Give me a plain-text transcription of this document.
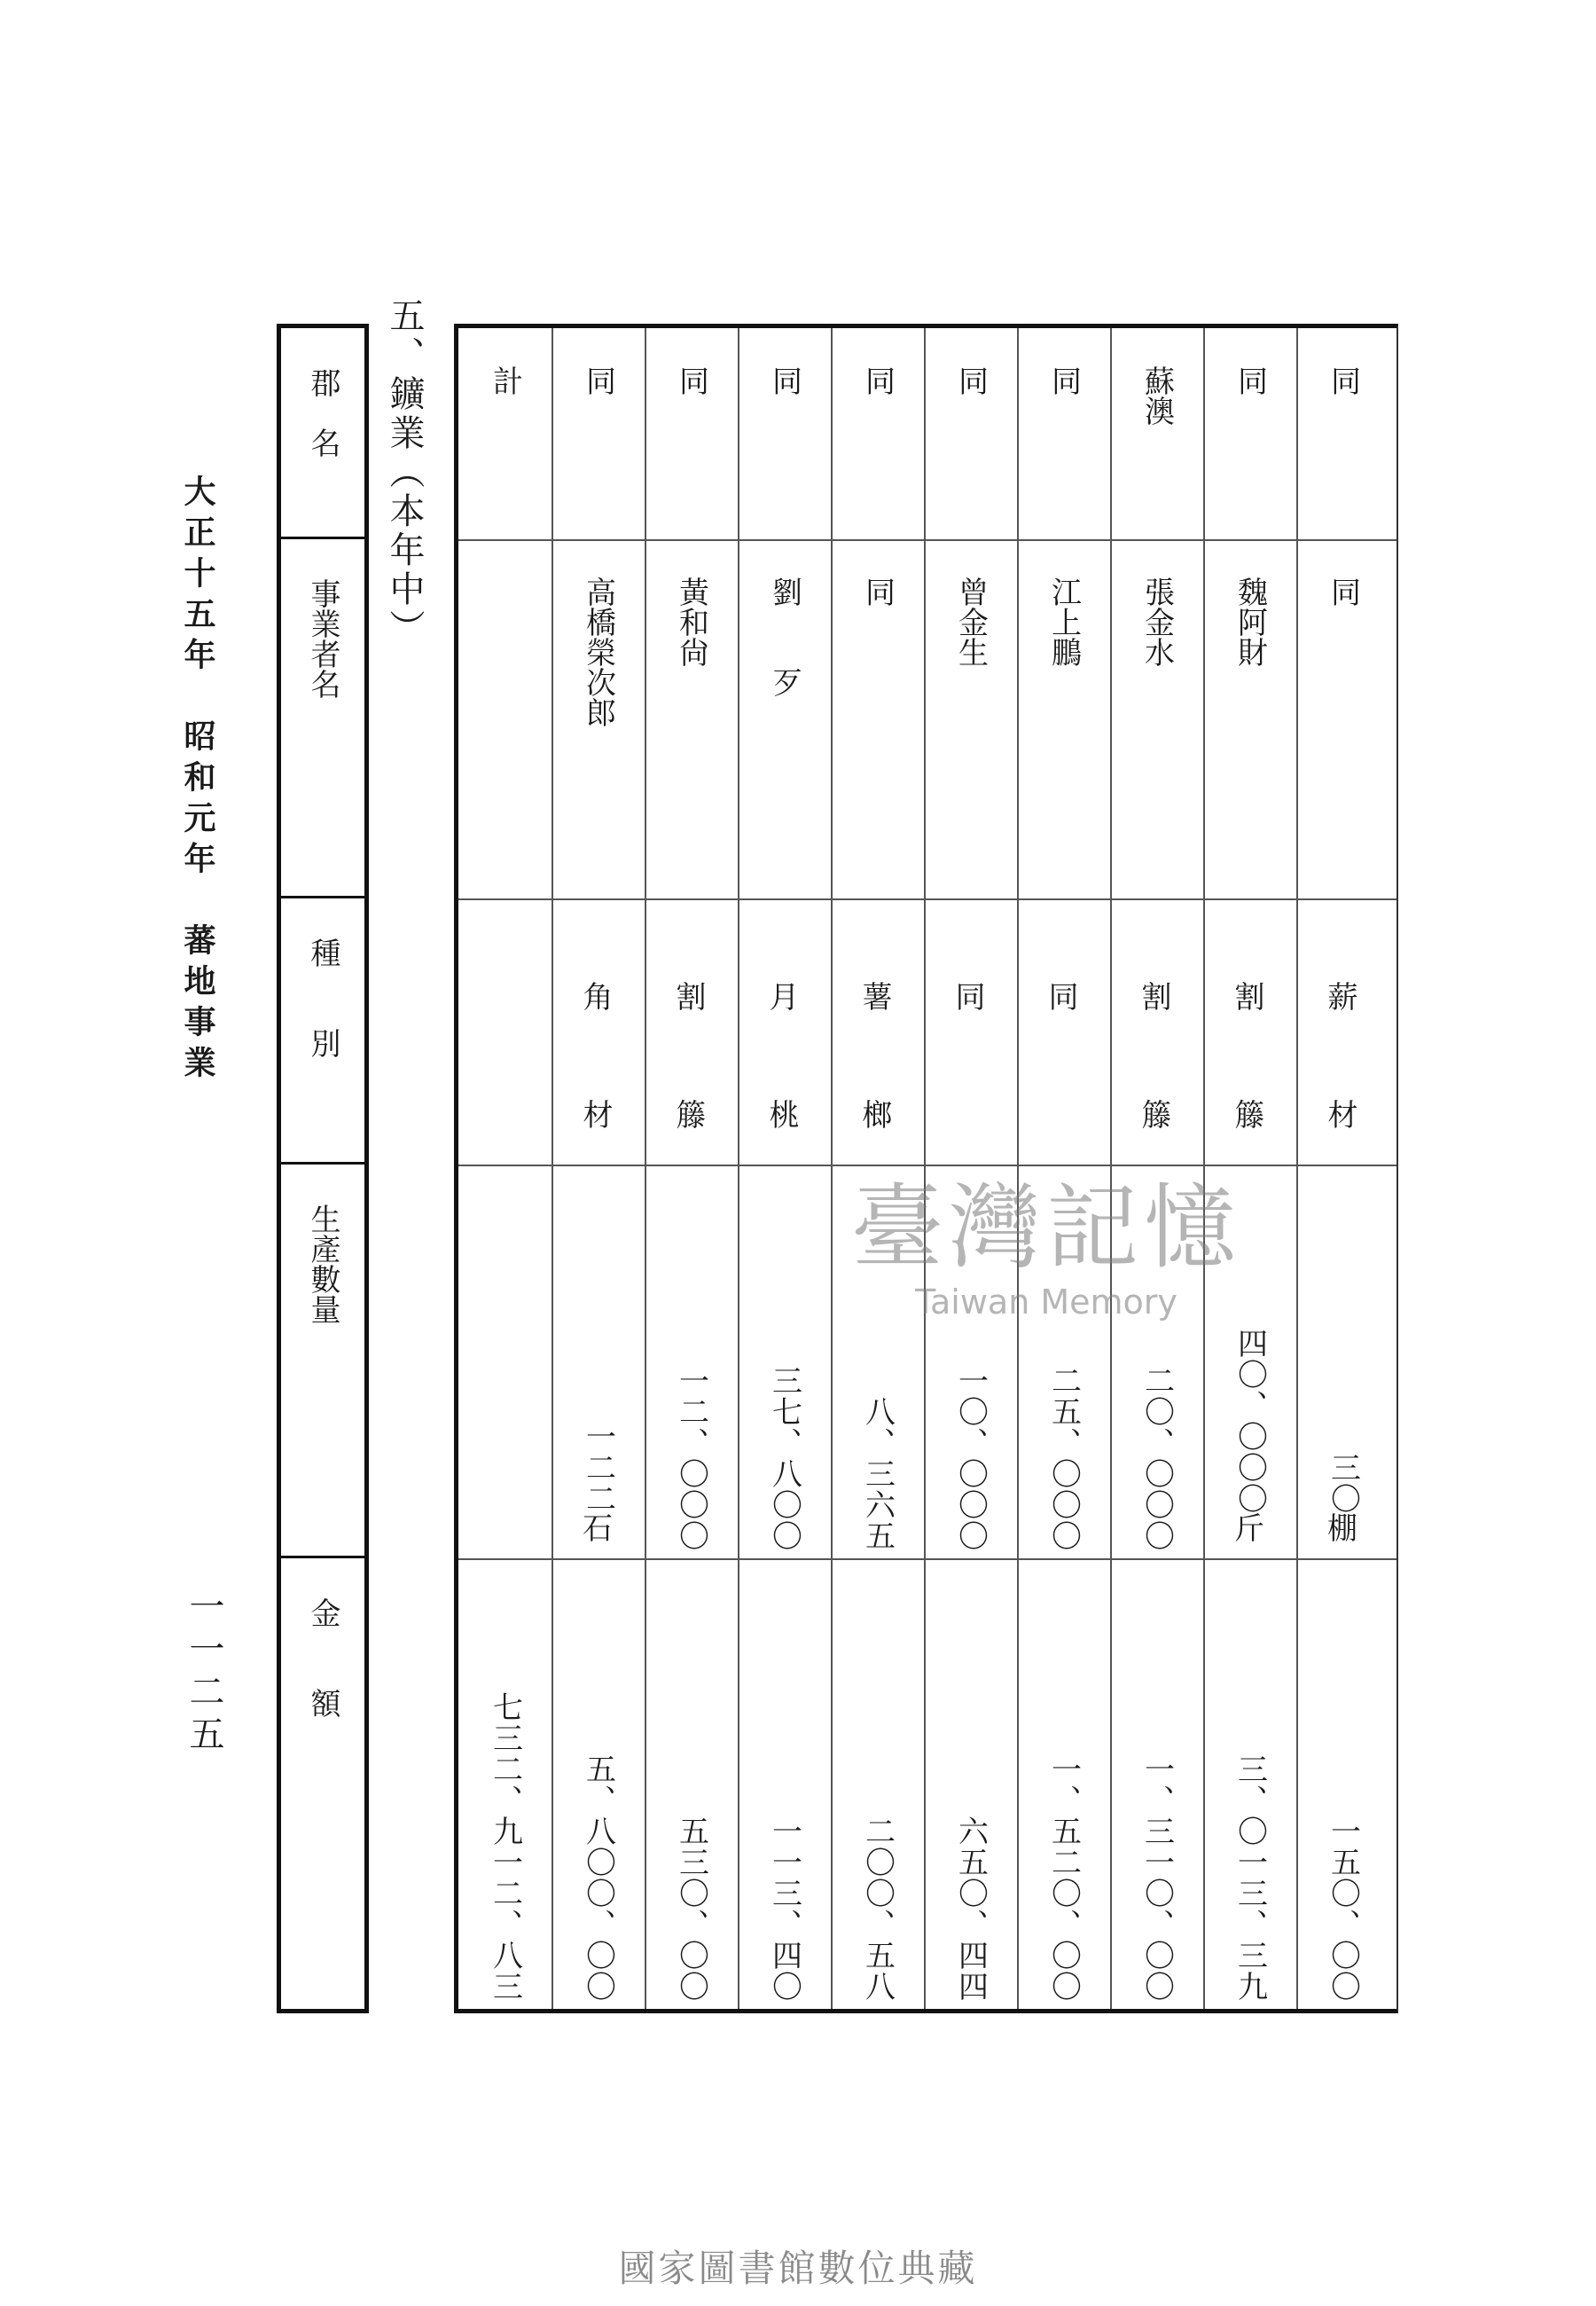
大正十五年　昭和元年　蕃地事業
一一二五
郡　名
事業者名
種　　別
生產數量
金　　額
五、鑛業（本年中） 計
七三二、九一二、八三
同
同
薪
材
三〇棚
一五〇、〇〇
同
魏阿財
割
籐
四〇、〇〇〇斤
三、〇一三、三九
蘇澳
張金水
割
籐
二〇、〇〇〇
一、三一〇、〇〇
同
江上鵬
同
二五、〇〇〇
一、五二〇、〇〇
同
曾金生
同
一〇、〇〇〇
六五〇、四四
同
同
薯
榔
八、三六五
二〇〇、五八
同
劉　　歹
月
桃
三七、八〇〇
一一三、四〇
同
黃和尙
割
籐
一二、〇〇〇
五三〇、〇〇
同
高橋榮次郎
角
材
一二二石
五、八〇〇、〇〇
臺灣記憶
Taiwan Memory
國家圖書館數位典藏
